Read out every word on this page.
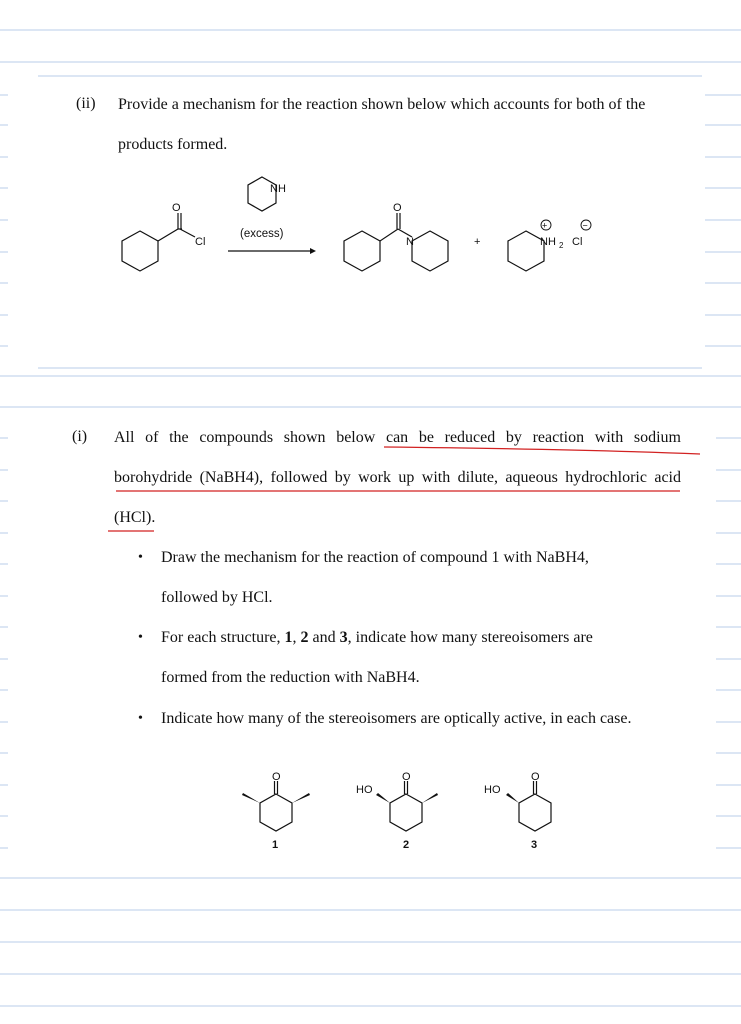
(ii) Provide a mechanism for the reaction shown below which accounts for both of the
products formed.
O
Cl
NH
(excess)
O
N	+	NH 2 Cl
+	−
(i) All of the compounds shown below can be reduced by reaction with sodium
borohydride (NaBH4), followed by work up with dilute, aqueous hydrochloric acid
(HCl).
• Draw the mechanism for the reaction of compound 1 with NaBH4,
followed by HCl.
• For each structure, 1, 2 and 3, indicate how many stereoisomers are
formed from the reduction with NaBH4.
• Indicate how many of the stereoisomers are optically active, in each case.
O	O	O
HO	HO
1	2	3
